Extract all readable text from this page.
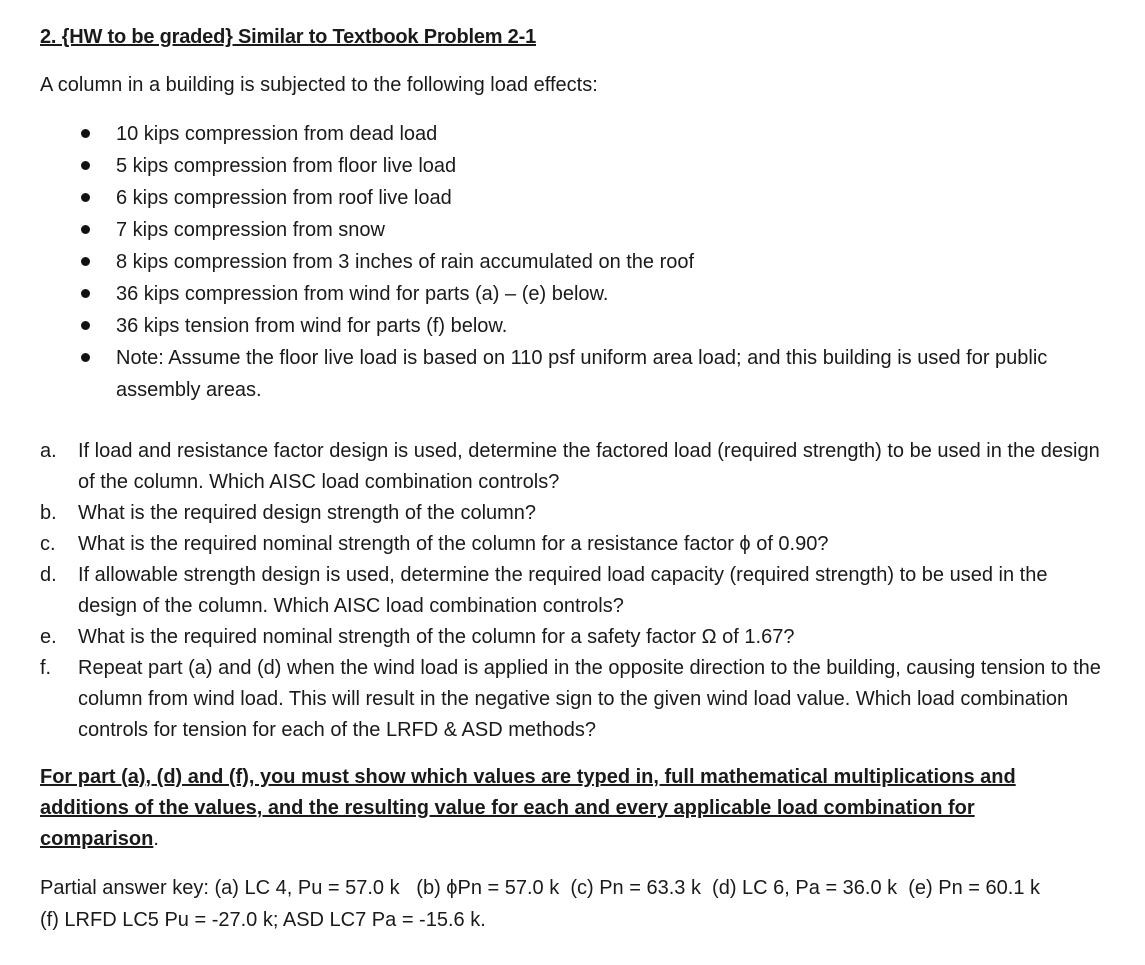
2. {HW to be graded} Similar to Textbook Problem 2-1
A column in a building is subjected to the following load effects:
10 kips compression from dead load
5 kips compression from floor live load
6 kips compression from roof live load
7 kips compression from snow
8 kips compression from 3 inches of rain accumulated on the roof
36 kips compression from wind for parts (a) – (e) below.
36 kips tension from wind for parts (f) below.
Note: Assume the floor live load is based on 110 psf uniform area load; and this building is used for public assembly areas.
a. If load and resistance factor design is used, determine the factored load (required strength) to be used in the design of the column. Which AISC load combination controls?
b. What is the required design strength of the column?
c. What is the required nominal strength of the column for a resistance factor ϕ of 0.90?
d. If allowable strength design is used, determine the required load capacity (required strength) to be used in the design of the column. Which AISC load combination controls?
e. What is the required nominal strength of the column for a safety factor Ω of 1.67?
f. Repeat part (a) and (d) when the wind load is applied in the opposite direction to the building, causing tension to the column from wind load. This will result in the negative sign to the given wind load value. Which load combination controls for tension for each of the LRFD & ASD methods?
For part (a), (d) and (f), you must show which values are typed in, full mathematical multiplications and additions of the values, and the resulting value for each and every applicable load combination for comparison.
Partial answer key: (a) LC 4, Pu = 57.0 k   (b) ϕPn = 57.0 k  (c) Pn = 63.3 k  (d) LC 6, Pa = 36.0 k  (e) Pn = 60.1 k
(f) LRFD LC5 Pu = -27.0 k; ASD LC7 Pa = -15.6 k.
